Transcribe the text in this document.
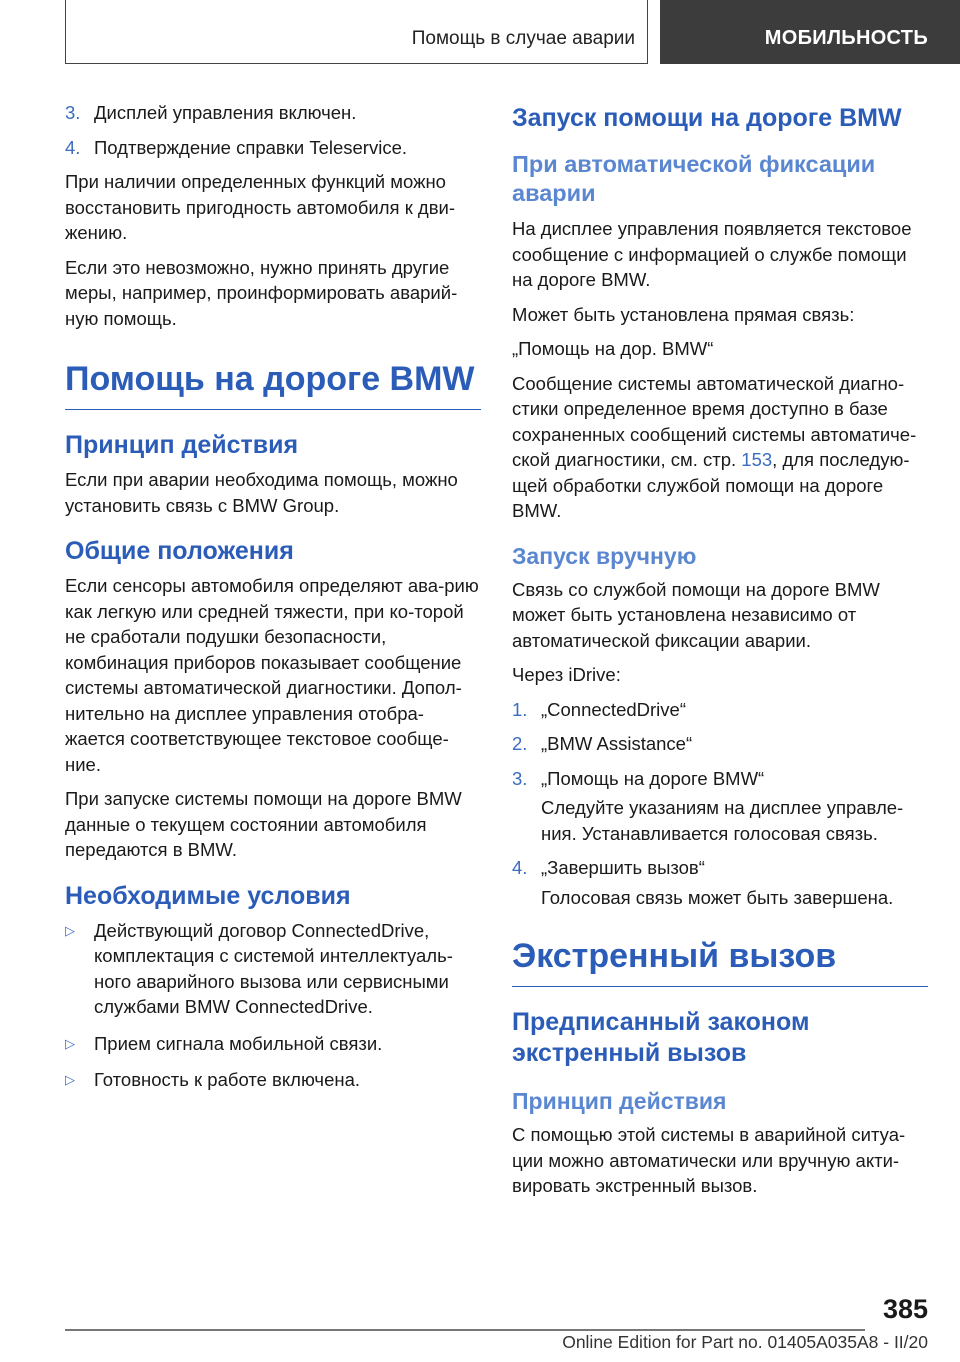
Помощь в случае аварии	МОБИЛЬНОСТЬ
3. Дисплей управления включен.
4. Подтверждение справки Teleservice.

При наличии определенных функций можно восстановить пригодность автомобиля к дви-жению.

Если это невозможно, нужно принять другие меры, например, проинформировать аварий-ную помощь.

Помощь на дороге BMW
Принцип действия

Если при аварии необходима помощь, можно установить связь с BMW Group.

Общие положения

Если сенсоры автомобиля определяют ава-рию как легкую или средней тяжести, при ко-торой не сработали подушки безопасности, комбинация приборов показывает сообщение системы автоматической диагностики. Допол-нительно на дисплее управления отобра-жается соответствующее текстовое сообще-ние.

При запуске системы помощи на дороге BMW данные о текущем состоянии автомобиля передаются в BMW.

Необходимые условия
▷	Действующий договор ConnectedDrive, комплектация с системой интеллектуаль-ного аварийного вызова или сервисными службами BMW ConnectedDrive.
▷	Прием сигнала мобильной связи.
▷	Готовность к работе включена.
Запуск помощи на дороге BMW
При автоматической фиксации аварии

На дисплее управления появляется текстовое сообщение с информацией о службе помощи на дороге BMW.

Может быть установлена прямая связь:

„Помощь на дор. BMW“

Сообщение системы автоматической диагно-стики определенное время доступно в базе сохраненных сообщений системы автоматиче-ской диагностики, см. стр. 153, для последую-щей обработки службой помощи на дороге BMW.

Запуск вручную

Связь со службой помощи на дороге BMW может быть установлена независимо от автоматической фиксации аварии.

Через iDrive:

1. „ConnectedDrive“
2. „BMW Assistance“
3. „Помощь на дороге BMW“
Следуйте указаниям на дисплее управле-ния. Устанавливается голосовая связь.
4. „Завершить вызов“
Голосовая связь может быть завершена.
Экстренный вызов
Предписанный законом экстренный вызов
Принцип действия

С помощью этой системы в аварийной ситуа-ции можно автоматически или вручную акти-вировать экстренный вызов.

385
Online Edition for Part no. 01405A035A8 - II/20
